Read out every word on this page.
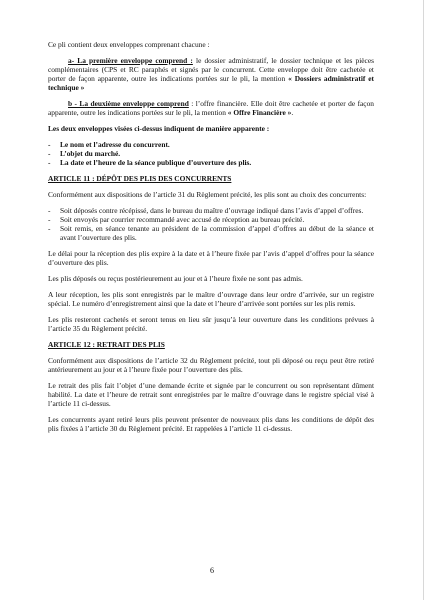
Ce pli contient deux enveloppes comprenant chacune :

a- La première enveloppe comprend : le dossier administratif, le dossier technique et les pièces complémentaires (CPS et RC paraphés et signés par le concurrent. Cette enveloppe doit être cachetée et porter de façon apparente, outre les indications portées sur le pli, la mention « Dossiers administratif et technique »

b - La deuxième enveloppe comprend : l’offre financière. Elle doit être cachetée et porter de façon apparente, outre les indications portées sur le pli, la mention « Offre Financière ».

Les deux enveloppes visées ci-dessus indiquent de manière apparente :

- Le nom et l’adresse du concurrent.
- L’objet du marché.
- La date et l’heure de la séance publique d’ouverture des plis.
ARTICLE 11 : DÉPÔT DES PLIS DES CONCURRENTS

Conformément aux dispositions de l’article 31 du Règlement précité, les plis sont au choix des concurrents:

- Soit déposés contre récépissé, dans le bureau du maître d’ouvrage indiqué dans l’avis d’appel d’offres.
- Soit envoyés par courrier recommandé avec accusé de réception au bureau précité.
- Soit remis, en séance tenante au président de la commission d’appel d’offres au début de la séance et avant l’ouverture des plis.

Le délai pour la réception des plis expire à la date et à l’heure fixée par l’avis d’appel d’offres pour la séance d’ouverture des plis.

Les plis déposés ou reçus postérieurement au jour et à l’heure fixée ne sont pas admis.

A leur réception, les plis sont enregistrés par le maître d’ouvrage dans leur ordre d’arrivée, sur un registre spécial. Le numéro d’enregistrement ainsi que la date et l’heure d’arrivée sont portées sur les plis remis.

Les plis resteront cachetés et seront tenus en lieu sûr jusqu’à leur ouverture dans les conditions prévues à l’article 35 du Règlement précité.

ARTICLE 12 : RETRAIT DES PLIS

Conformément aux dispositions de l’article 32 du Règlement précité, tout pli déposé ou reçu peut être retiré antérieurement au jour et à l’heure fixée pour l’ouverture des plis.

Le retrait des plis fait l’objet d’une demande écrite et signée par le concurrent ou son représentant dûment habilité. La date et l’heure de retrait sont enregistrées par le maître d’ouvrage dans le registre spécial visé à l’article 11 ci-dessus.

Les concurrents ayant retiré leurs plis peuvent présenter de nouveaux plis dans les conditions de dépôt des plis fixées à l’article 30 du Règlement précité. Et rappelées à l’article 11 ci-dessus.

6
